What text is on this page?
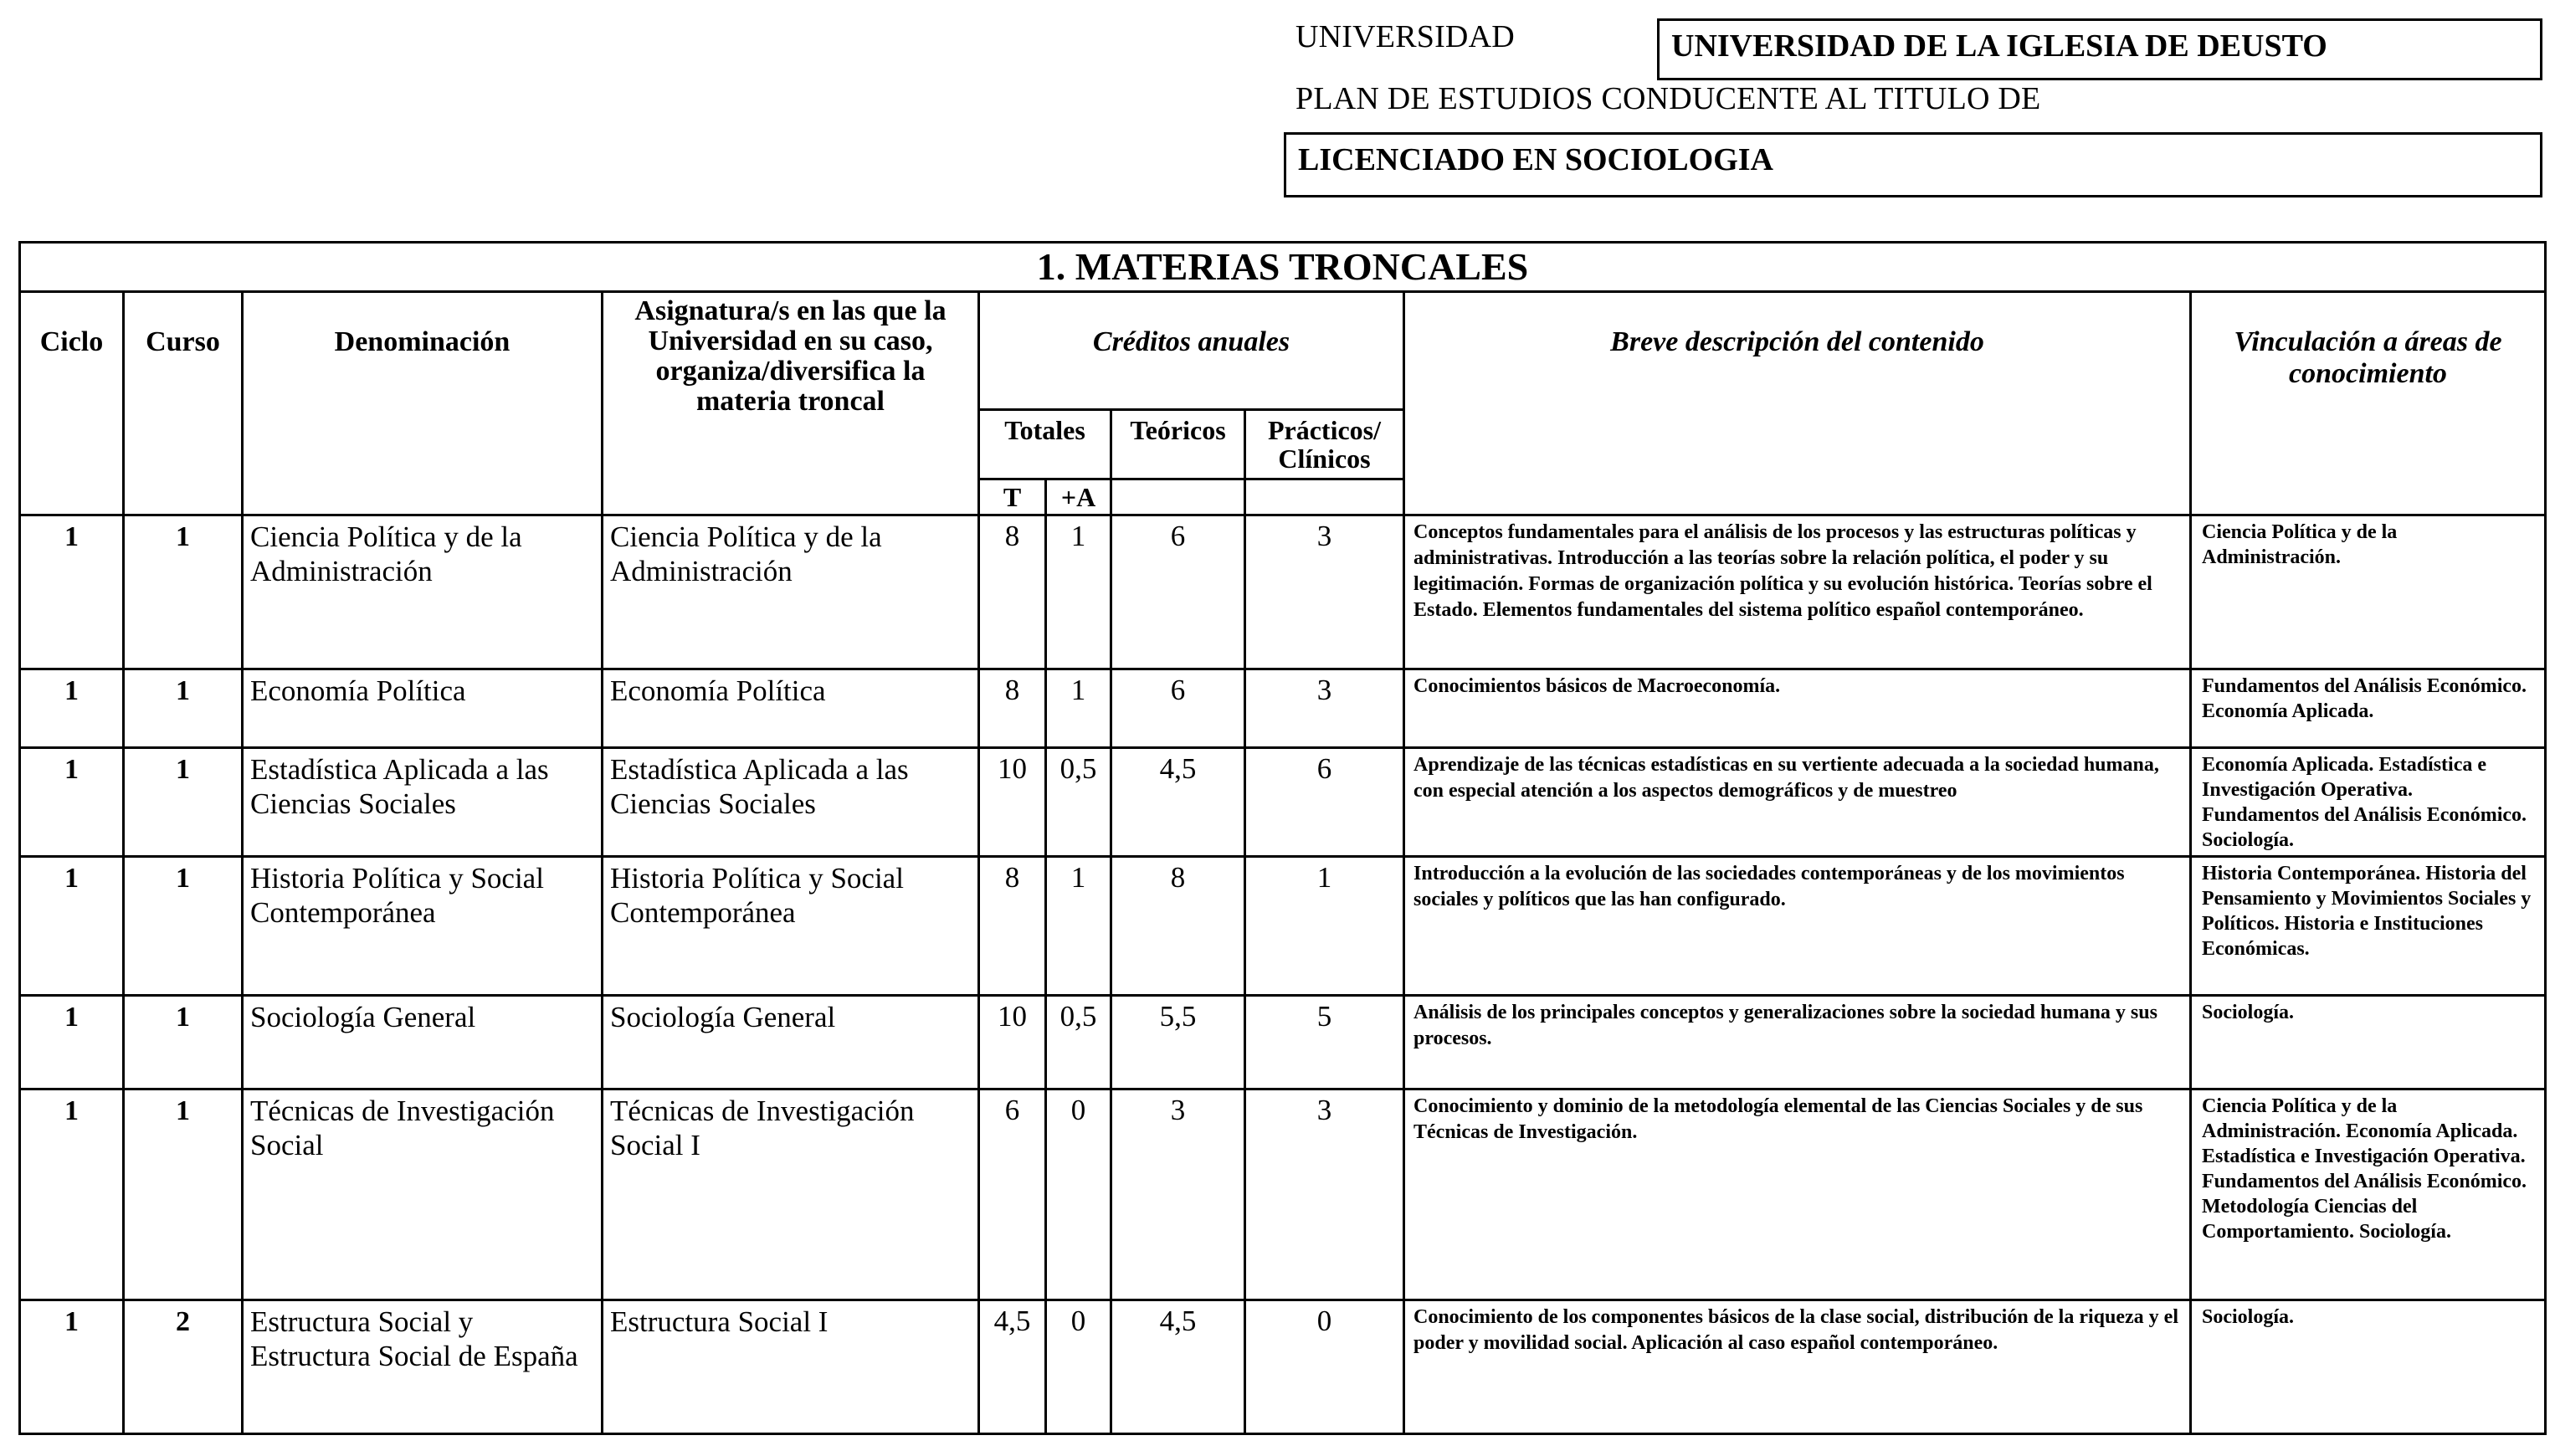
UNIVERSIDAD	UNIVERSIDAD DE LA IGLESIA DE DEUSTO
PLAN DE ESTUDIOS CONDUCENTE AL TITULO DE
LICENCIADO EN SOCIOLOGIA
1. MATERIAS TRONCALES									
Ciclo	Curso	Denominación	Asignatura/s en las que la Universidad en su caso, organiza/diversifica la materia troncal	Créditos anuales				Breve descripción del contenido	Vinculación a áreas de conocimiento
				Totales		Teóricos	Prácticos/ Clínicos		
				T	+A				
1	1	Ciencia Política y de la Administración	Ciencia Política y de la Administración	8	1	6	3	Conceptos fundamentales para el análisis de los procesos y las estructuras políticas y administrativas. Introducción a las teorías sobre la relación política, el poder y su legitimación. Formas de organización política y su evolución histórica. Teorías sobre el Estado. Elementos fundamentales del sistema político español contemporáneo.	Ciencia Política y de la Administración.
1	1	Economía Política	Economía Política	8	1	6	3	Conocimientos básicos de Macroeconomía.	Fundamentos del Análisis Económico. Economía Aplicada.
1	1	Estadística Aplicada a las Ciencias Sociales	Estadística Aplicada a las Ciencias Sociales	10	0,5	4,5	6	Aprendizaje de las técnicas estadísticas en su vertiente adecuada a la sociedad humana, con especial atención a los aspectos demográficos y de muestreo	Economía Aplicada. Estadística e Investigación Operativa. Fundamentos del Análisis Económico. Sociología.
1	1	Historia Política y Social Contemporánea	Historia Política y Social Contemporánea	8	1	8	1	Introducción a la evolución de las sociedades contemporáneas y de los movimientos sociales y políticos que las han configurado.	Historia Contemporánea. Historia del Pensamiento y Movimientos Sociales y Políticos. Historia e Instituciones Económicas.
1	1	Sociología General	Sociología General	10	0,5	5,5	5	Análisis de los principales conceptos y generalizaciones sobre la sociedad humana y sus procesos.	Sociología.
1	1	Técnicas de Investigación Social	Técnicas de Investigación Social I	6	0	3	3	Conocimiento y dominio de la metodología elemental de las Ciencias Sociales y de sus Técnicas de Investigación.	Ciencia Política y de la Administración. Economía Aplicada. Estadística e Investigación Operativa. Fundamentos del Análisis Económico. Metodología Ciencias del Comportamiento. Sociología.
1	2	Estructura Social y Estructura Social de España	Estructura Social I	4,5	0	4,5	0	Conocimiento de los componentes básicos de la clase social, distribución de la riqueza y el poder y movilidad social. Aplicación al caso español contemporáneo.	Sociología.
